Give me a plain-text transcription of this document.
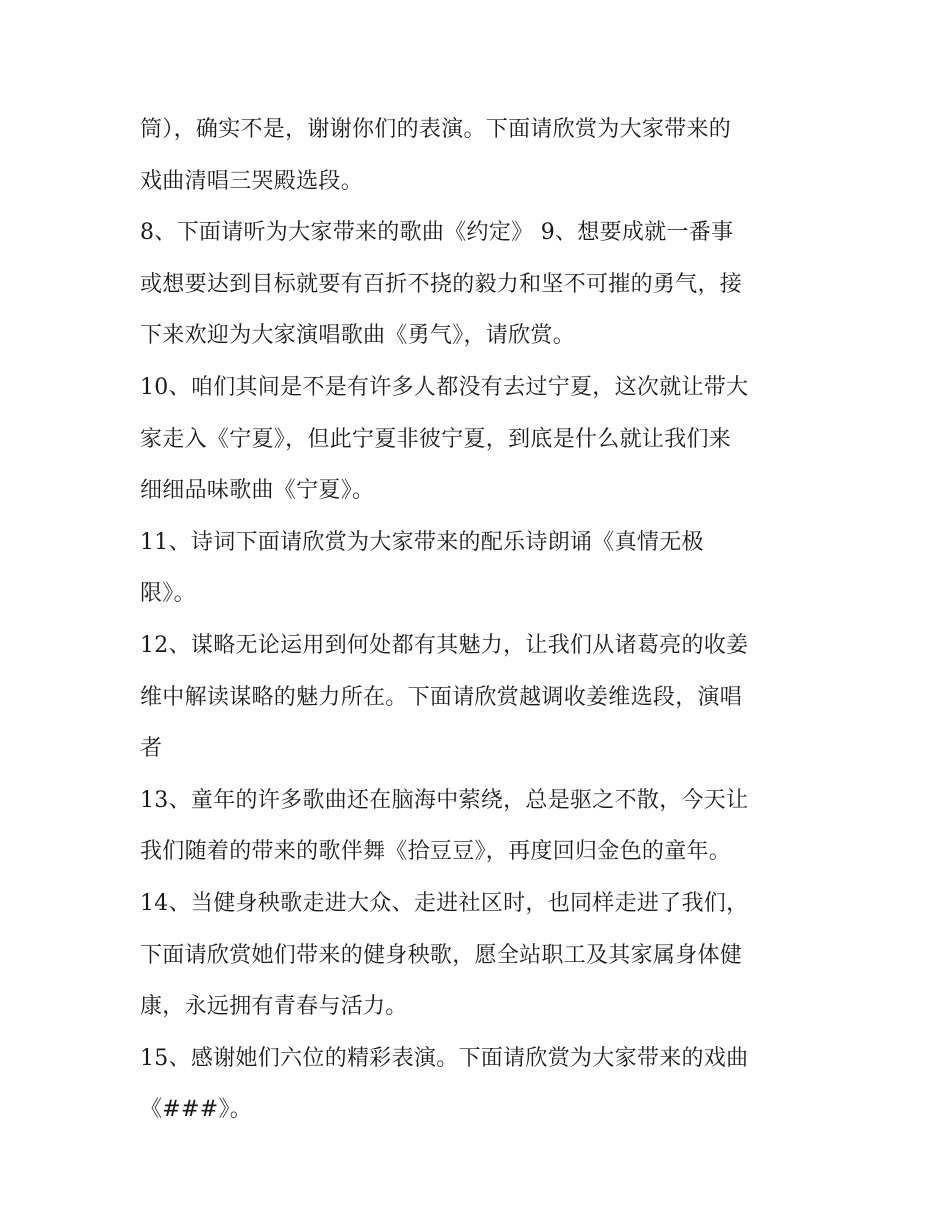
筒），确实不是，谢谢你们的表演。下面请欣赏为大家带来的
戏曲清唱三哭殿选段。
8、下面请听为大家带来的歌曲《约定》 9、想要成就一番事
或想要达到目标就要有百折不挠的毅力和坚不可摧的勇气，接
下来欢迎为大家演唱歌曲《勇气》，请欣赏。
10、咱们其间是不是有许多人都没有去过宁夏，这次就让带大
家走入《宁夏》，但此宁夏非彼宁夏，到底是什么就让我们来
细细品味歌曲《宁夏》。
11、诗词下面请欣赏为大家带来的配乐诗朗诵《真情无极
限》。
12、谋略无论运用到何处都有其魅力，让我们从诸葛亮的收姜
维中解读谋略的魅力所在。下面请欣赏越调收姜维选段，演唱
者
13、童年的许多歌曲还在脑海中萦绕，总是驱之不散，今天让
我们随着的带来的歌伴舞《拾豆豆》，再度回归金色的童年。
14、当健身秧歌走进大众、走进社区时，也同样走进了我们，
下面请欣赏她们带来的健身秧歌，愿全站职工及其家属身体健
康，永远拥有青春与活力。
15、感谢她们六位的精彩表演。下面请欣赏为大家带来的戏曲
《###》。
